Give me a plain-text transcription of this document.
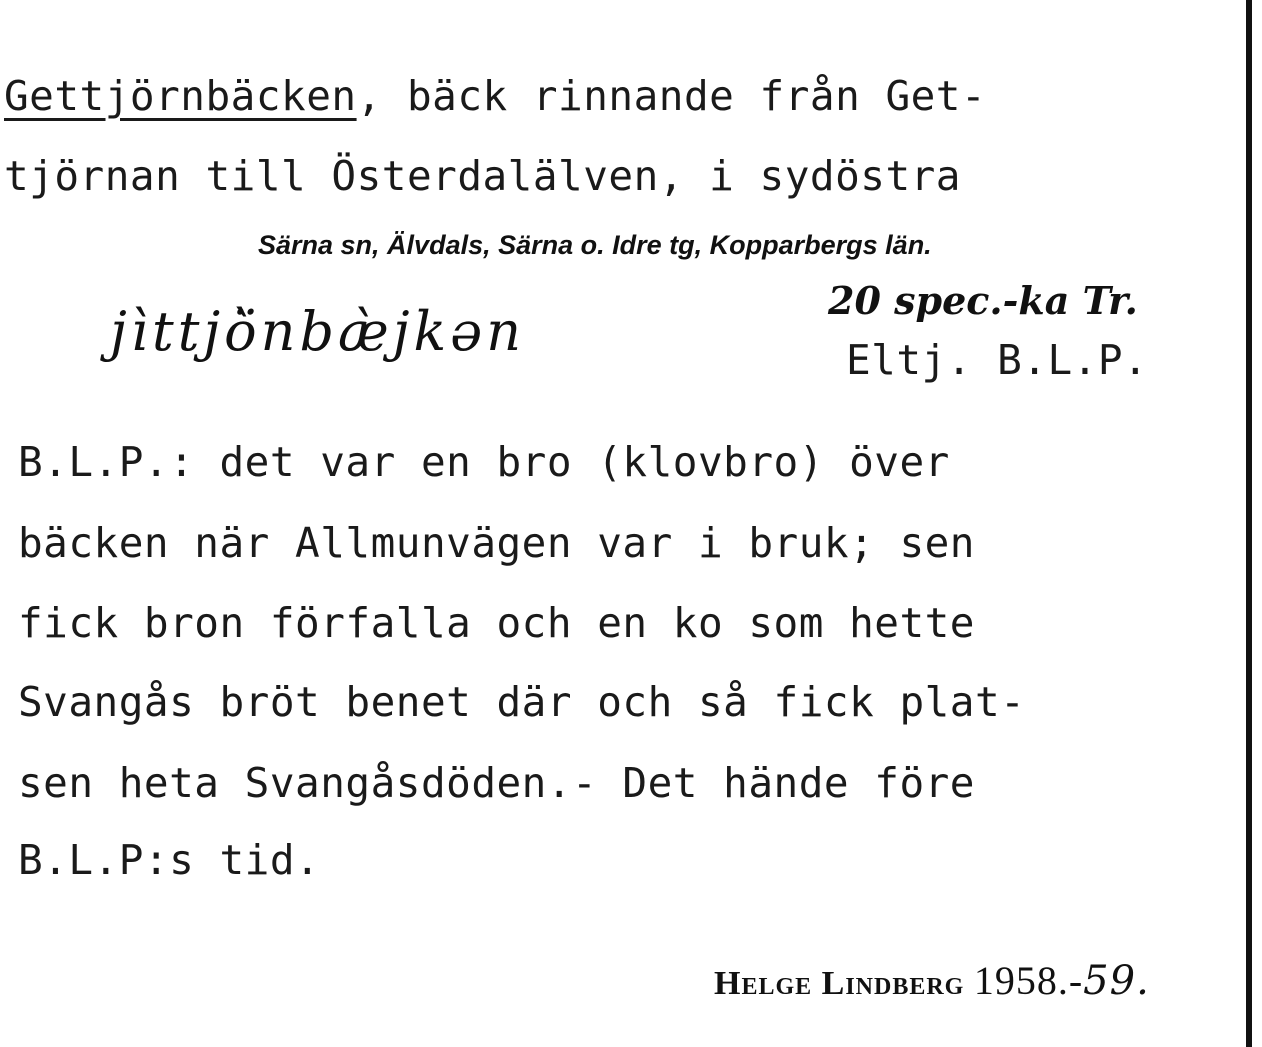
Gettjörnbäcken, bäck rinnande från Get-
tjörnan till Österdalälven, i sydöstra
Särna sn, Älvdals, Särna o. Idre tg, Kopparbergs län.
jìttjö̀nbæ̀jkən	20 spec.-ka Tr.
Eltj. B.L.P.
B.L.P.: det var en bro (klovbro) över
bäcken när Allmunvägen var i bruk; sen
fick bron förfalla och en ko som hette
Svangås bröt benet där och så fick plat-
sen heta Svangåsdöden.- Det hände före
B.L.P:s tid.
Helge Lindberg 1958.-59.
